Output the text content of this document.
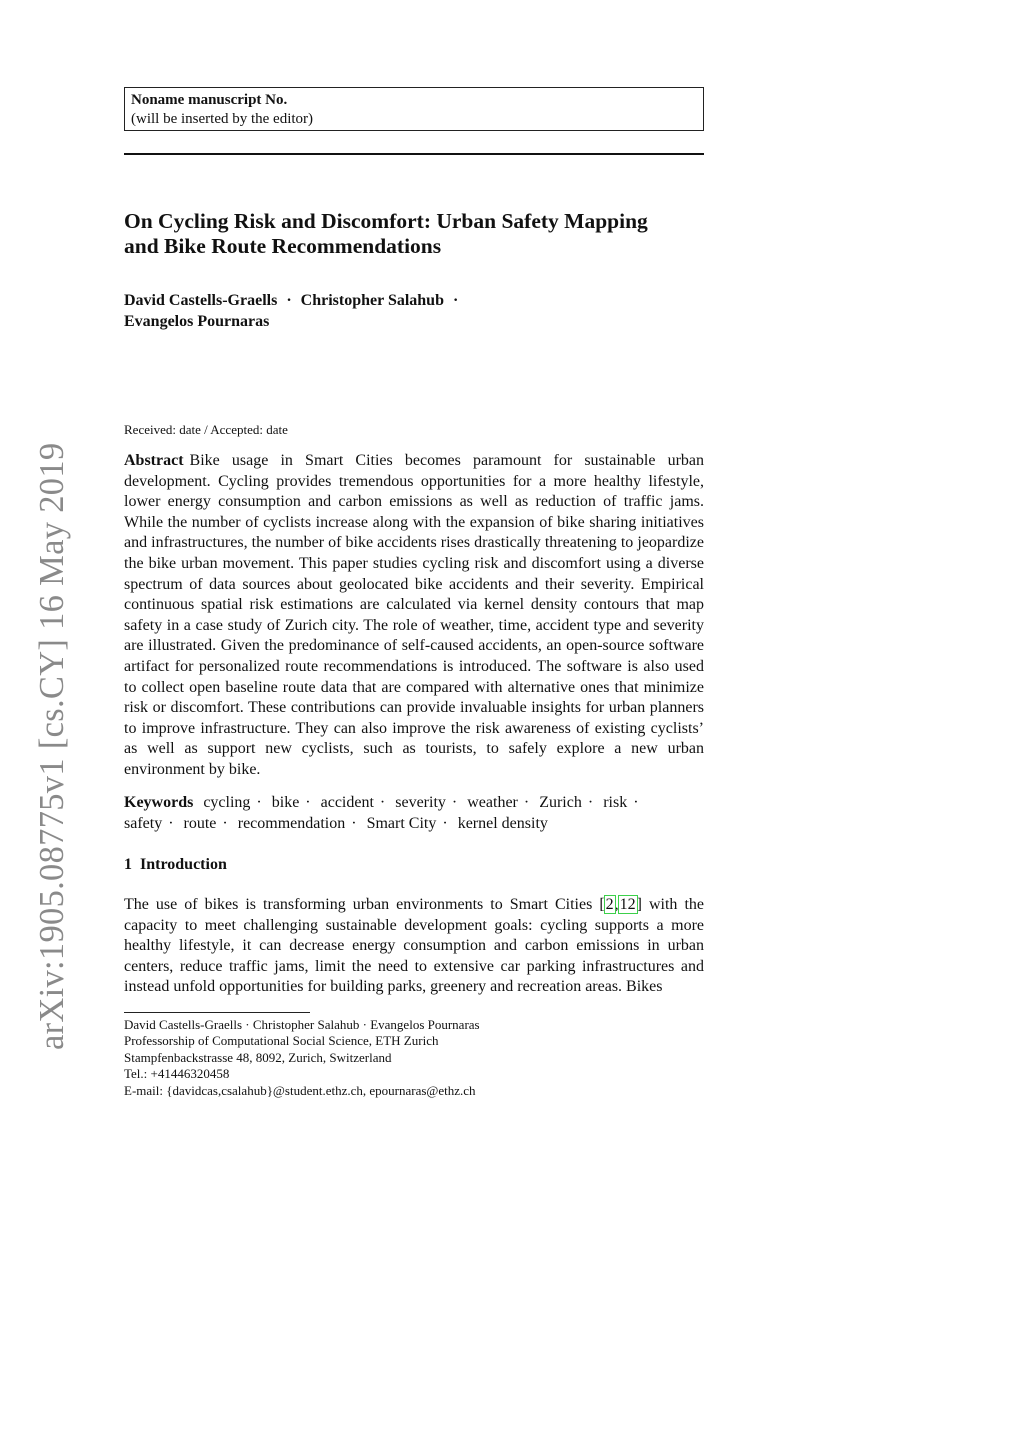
arXiv:1905.08775v1 [cs.CY] 16 May 2019
Noname manuscript No.
(will be inserted by the editor)
On Cycling Risk and Discomfort: Urban Safety Mapping
and Bike Route Recommendations
David Castells-Graells · Christopher Salahub ·
Evangelos Pournaras
Received: date / Accepted: date
Abstract Bike usage in Smart Cities becomes paramount for sustainable urban development. Cycling provides tremendous opportunities for a more healthy lifestyle, lower energy consumption and carbon emissions as well as reduction of traffic jams. While the number of cyclists increase along with the expansion of bike sharing initiatives and infrastructures, the number of bike accidents rises drastically threatening to jeopardize the bike urban movement. This paper studies cycling risk and discomfort using a diverse spectrum of data sources about geolocated bike accidents and their severity. Empirical continuous spatial risk estimations are calculated via kernel density contours that map safety in a case study of Zurich city. The role of weather, time, accident type and severity are illustrated. Given the predominance of self-caused accidents, an open-source software artifact for personalized route recommendations is introduced. The software is also used to collect open baseline route data that are compared with alternative ones that minimize risk or discomfort. These contributions can provide invaluable insights for urban planners to improve infrastructure. They can also improve the risk awareness of existing cyclists’ as well as support new cyclists, such as tourists, to safely explore a new urban environment by bike.
Keywords cycling · bike · accident · severity · weather · Zurich · risk · safety · route · recommendation · Smart City · kernel density
1 Introduction
The use of bikes is transforming urban environments to Smart Cities [2,12] with the capacity to meet challenging sustainable development goals: cycling supports a more healthy lifestyle, it can decrease energy consumption and carbon emissions in urban centers, reduce traffic jams, limit the need to extensive car parking infrastructures and instead unfold opportunities for building parks, greenery and recreation areas. Bikes
David Castells-Graells · Christopher Salahub · Evangelos Pournaras
Professorship of Computational Social Science, ETH Zurich
Stampfenbackstrasse 48, 8092, Zurich, Switzerland
Tel.: +41446320458
E-mail: {davidcas,csalahub}@student.ethz.ch, epournaras@ethz.ch
